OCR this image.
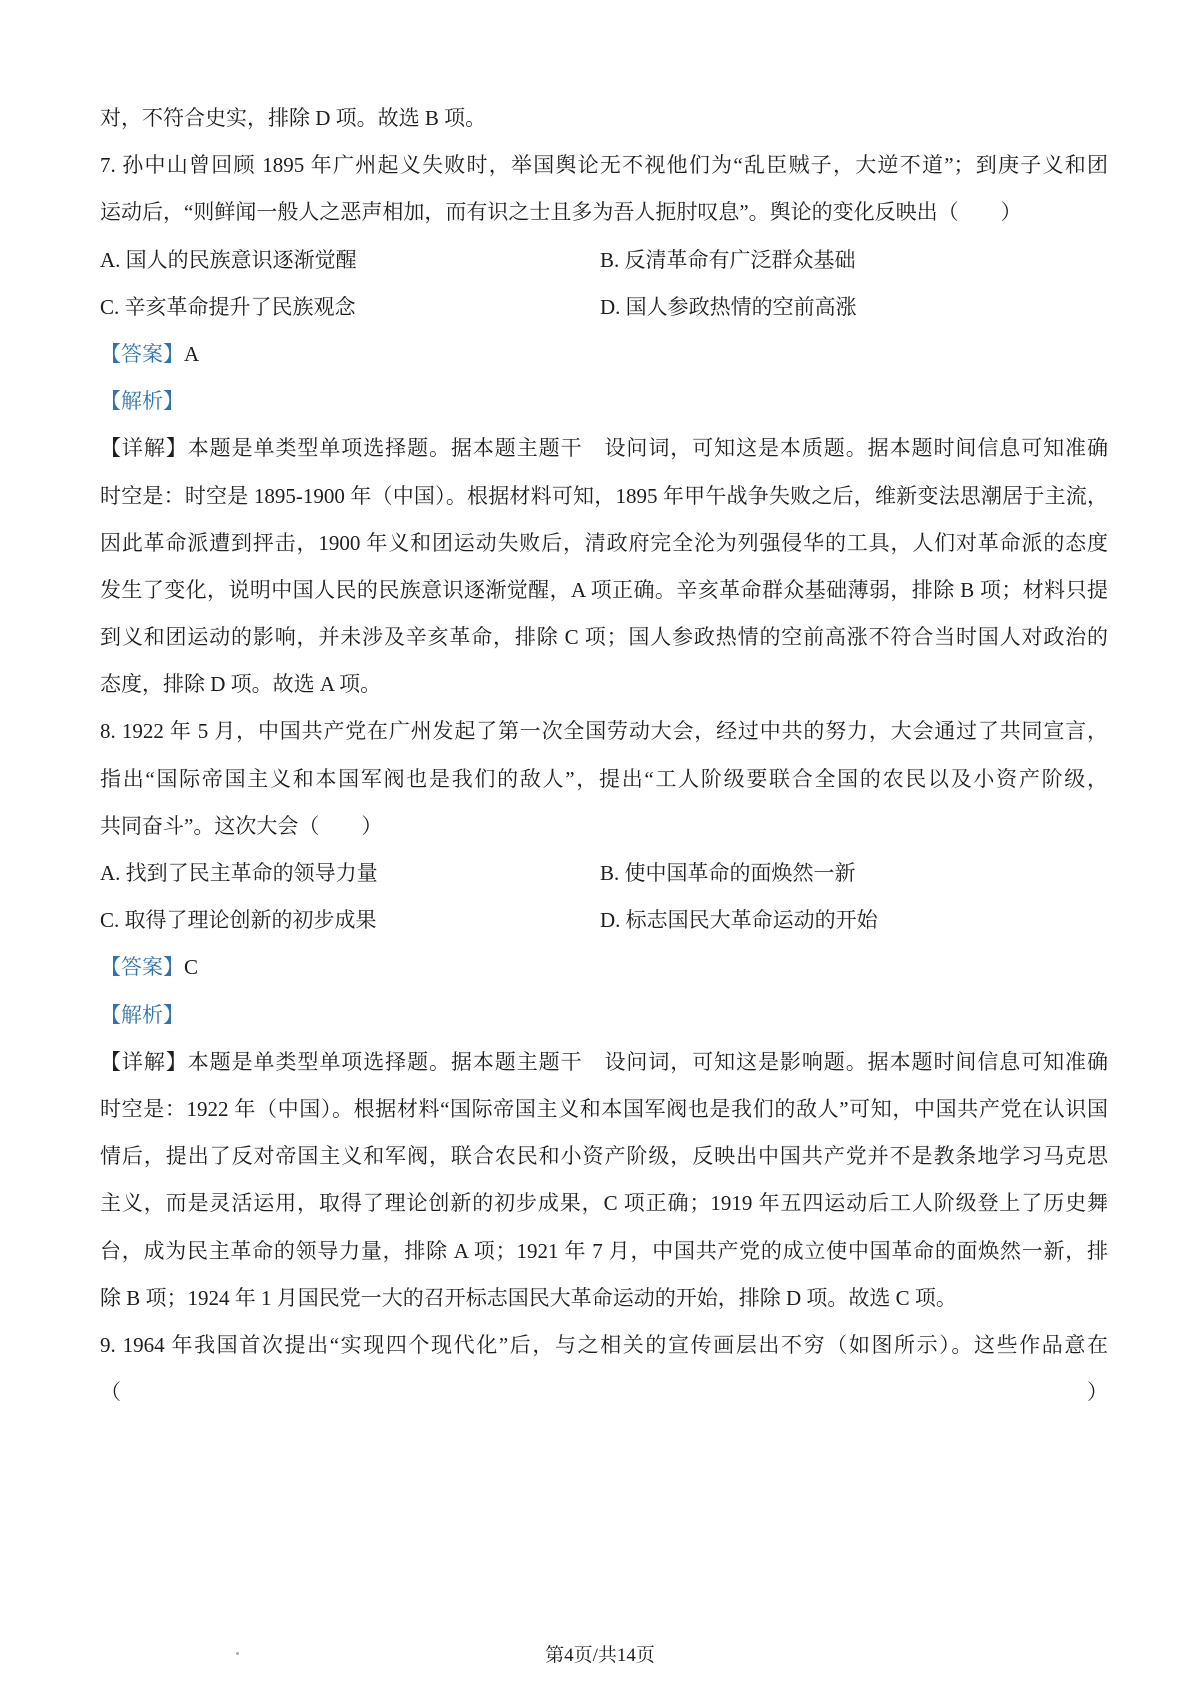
对，不符合史实，排除 D 项。故选 B 项。
7. 孙中山曾回顾 1895 年广州起义失败时，举国舆论无不视他们为“乱臣贼子，大逆不道”；到庚子义和团
运动后，“则鲜闻一般人之恶声相加，而有识之士且多为吾人扼肘叹息”。舆论的变化反映出（　　）
A. 国人的民族意识逐渐觉醒	B. 反清革命有广泛群众基础
C. 辛亥革命提升了民族观念	D. 国人参政热情的空前高涨
【答案】A
【解析】
【详解】本题是单类型单项选择题。据本题主题干　设问词，可知这是本质题。据本题时间信息可知准确
时空是：时空是 1895-1900 年（中国）。根据材料可知，1895 年甲午战争失败之后，维新变法思潮居于主流，
因此革命派遭到抨击，1900 年义和团运动失败后，清政府完全沦为列强侵华的工具，人们对革命派的态度
发生了变化，说明中国人民的民族意识逐渐觉醒，A 项正确。辛亥革命群众基础薄弱，排除 B 项；材料只提
到义和团运动的影响，并未涉及辛亥革命，排除 C 项；国人参政热情的空前高涨不符合当时国人对政治的
态度，排除 D 项。故选 A 项。
8. 1922 年 5 月，中国共产党在广州发起了第一次全国劳动大会，经过中共的努力，大会通过了共同宣言，
指出“国际帝国主义和本国军阀也是我们的敌人”，提出“工人阶级要联合全国的农民以及小资产阶级，
共同奋斗”。这次大会（　　）
A. 找到了民主革命的领导力量	B. 使中国革命的面焕然一新
C. 取得了理论创新的初步成果	D. 标志国民大革命运动的开始
【答案】C
【解析】
【详解】本题是单类型单项选择题。据本题主题干　设问词，可知这是影响题。据本题时间信息可知准确
时空是：1922 年（中国）。根据材料“国际帝国主义和本国军阀也是我们的敌人”可知，中国共产党在认识国
情后，提出了反对帝国主义和军阀，联合农民和小资产阶级，反映出中国共产党并不是教条地学习马克思
主义，而是灵活运用，取得了理论创新的初步成果，C 项正确；1919 年五四运动后工人阶级登上了历史舞
台，成为民主革命的领导力量，排除 A 项；1921 年 7 月，中国共产党的成立使中国革命的面焕然一新，排
除 B 项；1924 年 1 月国民党一大的召开标志国民大革命运动的开始，排除 D 项。故选 C 项。
9. 1964 年我国首次提出“实现四个现代化”后，与之相关的宣传画层出不穷（如图所示）。这些作品意在（　　）
第4页/共14页
